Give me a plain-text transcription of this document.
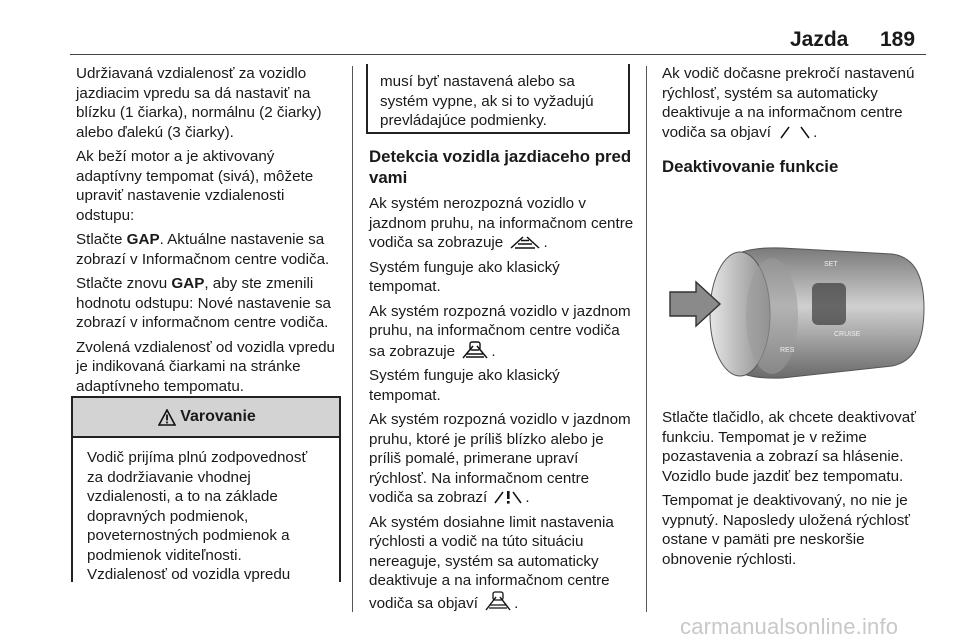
Jazda 189

Udržiavaná vzdialenosť za vozidlo jazdiacim vpredu sa dá nastaviť na blízku (1 čiarka), normálnu (2 čiarky) alebo ďalekú (3 čiarky).

Ak beží motor a je aktivovaný adaptívny tempomat (sivá), môžete upraviť nastavenie vzdialenosti odstupu:

Stlačte GAP. Aktuálne nastavenie sa zobrazí v Informačnom centre vodiča.

Stlačte znovu GAP, aby ste zmenili hodnotu odstupu: Nové nastavenie sa zobrazí v informačnom centre vodiča.

Zvolená vzdialenosť od vozidla vpredu je indikovaná čiarkami na stránke adaptívneho tempomatu.

Varovanie
Vodič prijíma plnú zodpovednosť za dodržiavanie vhodnej vzdialenosti, a to na základe dopravných podmienok, poveternostných podmienok a podmienok viditeľnosti. Vzdialenosť od vozidla vpredu
musí byť nastavená alebo sa systém vypne, ak si to vyžadujú prevládajúce podmienky.
Detekcia vozidla jazdiaceho pred vami

Ak systém nerozpozná vozidlo v jazdnom pruhu, na informačnom centre vodiča sa zobrazuje	.

Systém funguje ako klasický tempomat.

Ak systém rozpozná vozidlo v jazdnom pruhu, na informačnom centre vodiča sa zobrazuje .

Systém funguje ako klasický tempomat.

Ak systém rozpozná vozidlo v jazdnom pruhu, ktoré je príliš blízko alebo je príliš pomalé, primerane upraví rýchlosť. Na informačnom centre vodiča sa zobrazí	.

Ak systém dosiahne limit nastavenia rýchlosti a vodič na túto situáciu nereaguje, systém sa automaticky deaktivuje a na informačnom centre vodiča sa objaví .

Ak vodič dočasne prekročí nastavenú rýchlosť, systém sa automaticky deaktivuje a na informačnom centre vodiča sa objaví	.

Deaktivovanie funkcie
SET
CRUISE
RES

Stlačte tlačidlo, ak chcete deaktivovať funkciu. Tempomat je v režime pozastavenia a zobrazí sa hlásenie. Vozidlo bude jazdiť bez tempomatu.

Tempomat je deaktivovaný, no nie je vypnutý. Naposledy uložená rýchlosť ostane v pamäti pre neskoršie obnovenie rýchlosti.

carmanualsonline.info
